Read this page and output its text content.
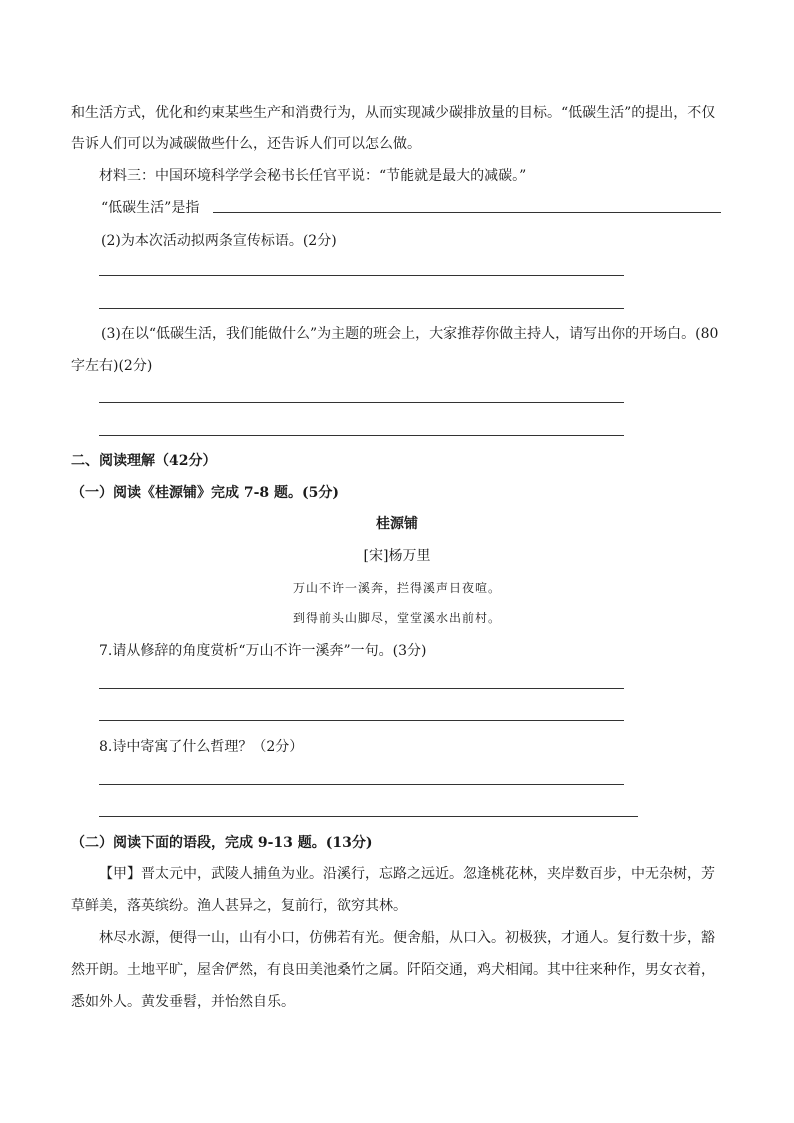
和生活方式，优化和约束某些生产和消费行为，从而实现减少碳排放量的目标。“低碳生活”的提出，不仅
告诉人们可以为减碳做些什么，还告诉人们可以怎么做。
材料三：中国环境科学学会秘书长任官平说：“节能就是最大的减碳。”
“低碳生活”是指
(2)为本次活动拟两条宣传标语。(2分)
(3)在以“低碳生活，我们能做什么”为主题的班会上，大家推荐你做主持人，请写出你的开场白。(80
字左右)(2分)
二、阅读理解（42分）
（一）阅读《桂源铺》完成 7-8 题。(5分)
桂源铺
[宋]杨万里
万山不许一溪奔，拦得溪声日夜喧。
到得前头山脚尽，堂堂溪水出前村。
7.请从修辞的角度赏析“万山不许一溪奔”一句。(3分)
8.诗中寄寓了什么哲理？（2分）
（二）阅读下面的语段，完成 9-13 题。(13分)
【甲】晋太元中，武陵人捕鱼为业。沿溪行，忘路之远近。忽逢桃花林，夹岸数百步，中无杂树，芳
草鲜美，落英缤纷。渔人甚异之，复前行，欲穷其林。
林尽水源，便得一山，山有小口，仿佛若有光。便舍船，从口入。初极狭，才通人。复行数十步，豁
然开朗。土地平旷，屋舍俨然，有良田美池桑竹之属。阡陌交通，鸡犬相闻。其中往来种作，男女衣着，
悉如外人。黄发垂髫，并怡然自乐。
